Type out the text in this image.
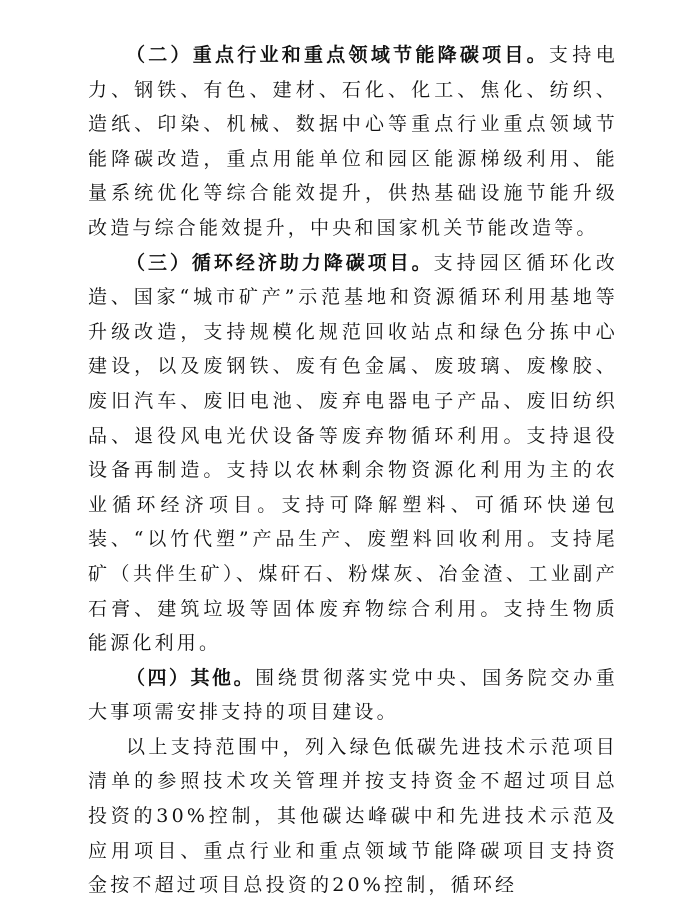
（二）重点行业和重点领域节能降碳项目。支持电力、钢铁、有色、建材、石化、化工、焦化、纺织、造纸、印染、机械、数据中心等重点行业重点领域节能降碳改造，重点用能单位和园区能源梯级利用、能量系统优化等综合能效提升，供热基础设施节能升级改造与综合能效提升，中央和国家机关节能改造等。

（三）循环经济助力降碳项目。支持园区循环化改造、国家“城市矿产”示范基地和资源循环利用基地等升级改造，支持规模化规范回收站点和绿色分拣中心建设，以及废钢铁、废有色金属、废玻璃、废橡胶、废旧汽车、废旧电池、废弃电器电子产品、废旧纺织品、退役风电光伏设备等废弃物循环利用。支持退役设备再制造。支持以农林剩余物资源化利用为主的农业循环经济项目。支持可降解塑料、可循环快递包装、“以竹代塑”产品生产、废塑料回收利用。支持尾矿（共伴生矿）、煤矸石、粉煤灰、冶金渣、工业副产石膏、建筑垃圾等固体废弃物综合利用。支持生物质能源化利用。

（四）其他。围绕贯彻落实党中央、国务院交办重大事项需安排支持的项目建设。

以上支持范围中，列入绿色低碳先进技术示范项目清单的参照技术攻关管理并按支持资金不超过项目总投资的30%控制，其他碳达峰碳中和先进技术示范及应用项目、重点行业和重点领域节能降碳项目支持资金按不超过项目总投资的20%控制，循环经
